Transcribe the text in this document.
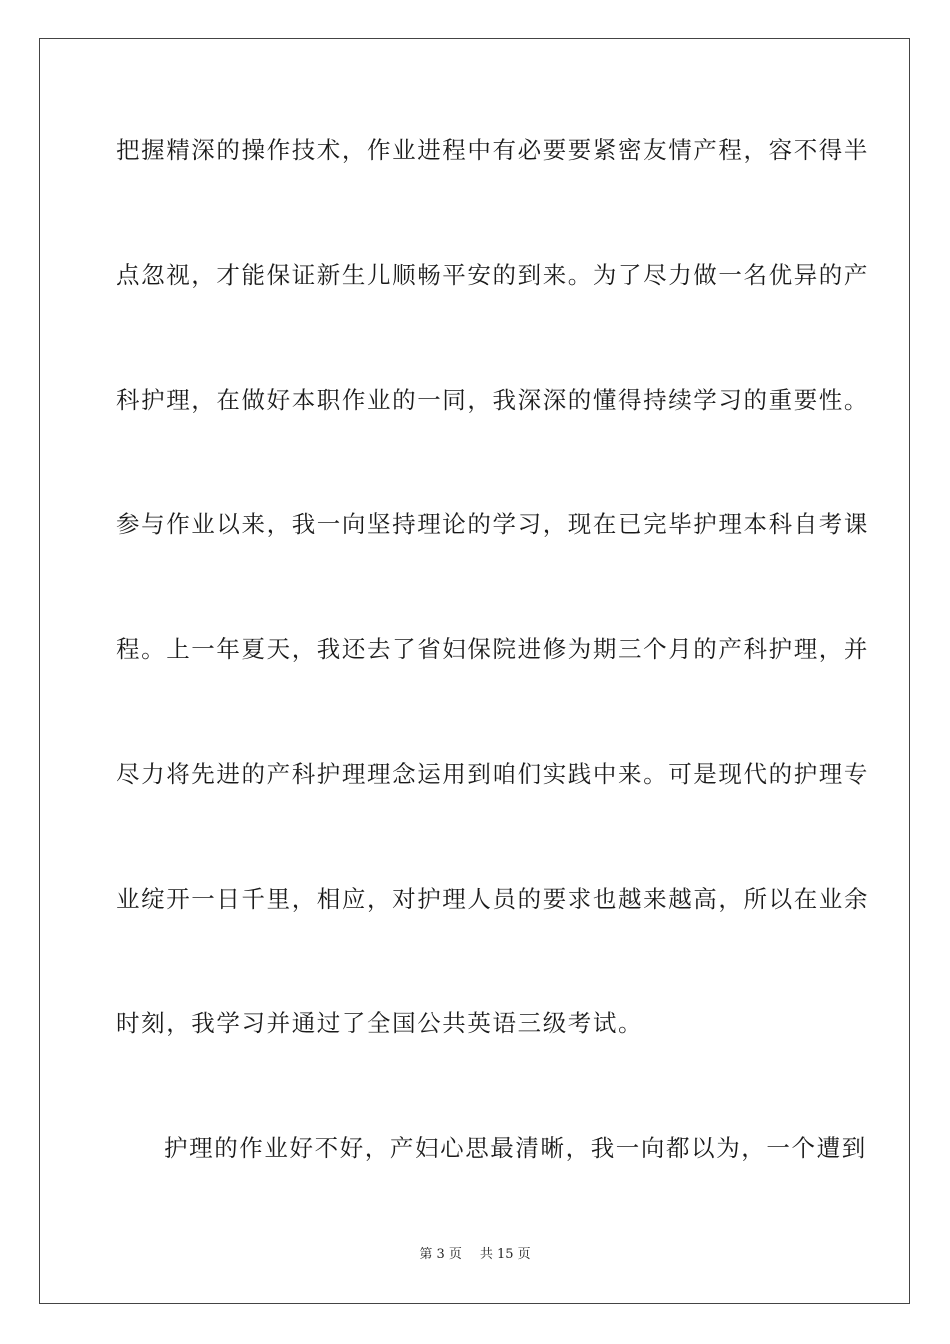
把握精深的操作技术，作业进程中有必要要紧密友情产程，容不得半
点忽视，才能保证新生儿顺畅平安的到来。为了尽力做一名优异的产
科护理，在做好本职作业的一同，我深深的懂得持续学习的重要性。
参与作业以来，我一向坚持理论的学习，现在已完毕护理本科自考课
程。上一年夏天，我还去了省妇保院进修为期三个月的产科护理，并
尽力将先进的产科护理理念运用到咱们实践中来。可是现代的护理专
业绽开一日千里，相应，对护理人员的要求也越来越高，所以在业余
时刻，我学习并通过了全国公共英语三级考试。
护理的作业好不好，产妇心思最清晰，我一向都以为，一个遭到
第 3 页 共 15 页
